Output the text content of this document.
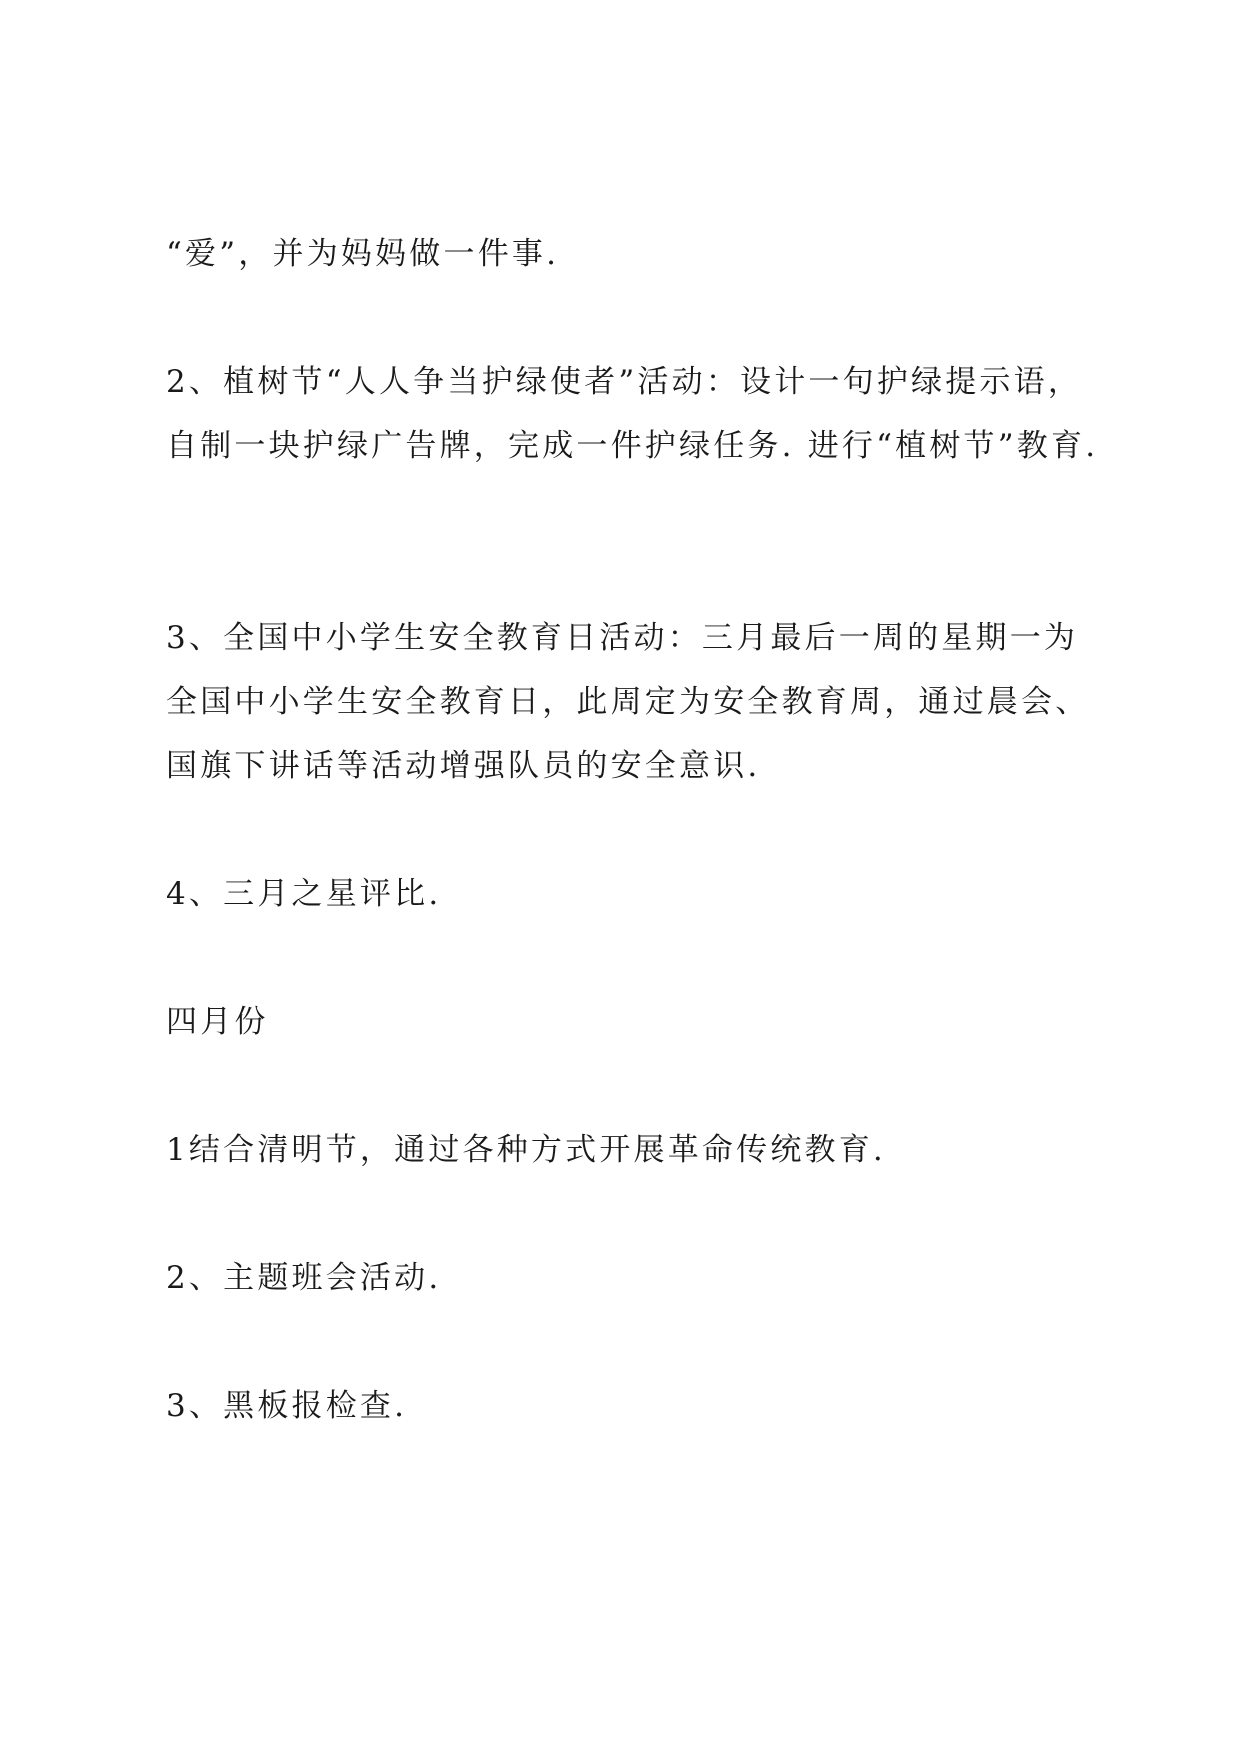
“爱”，并为妈妈做一件事.

2、植树节“人人争当护绿使者”活动：设计一句护绿提示语，自制一块护绿广告牌，完成一件护绿任务. 进行“植树节”教育.

3、全国中小学生安全教育日活动：三月最后一周的星期一为全国中小学生安全教育日，此周定为安全教育周，通过晨会、国旗下讲话等活动增强队员的安全意识.

4、三月之星评比.

四月份

1结合清明节，通过各种方式开展革命传统教育.

2、主题班会活动.

3、黑板报检查.
